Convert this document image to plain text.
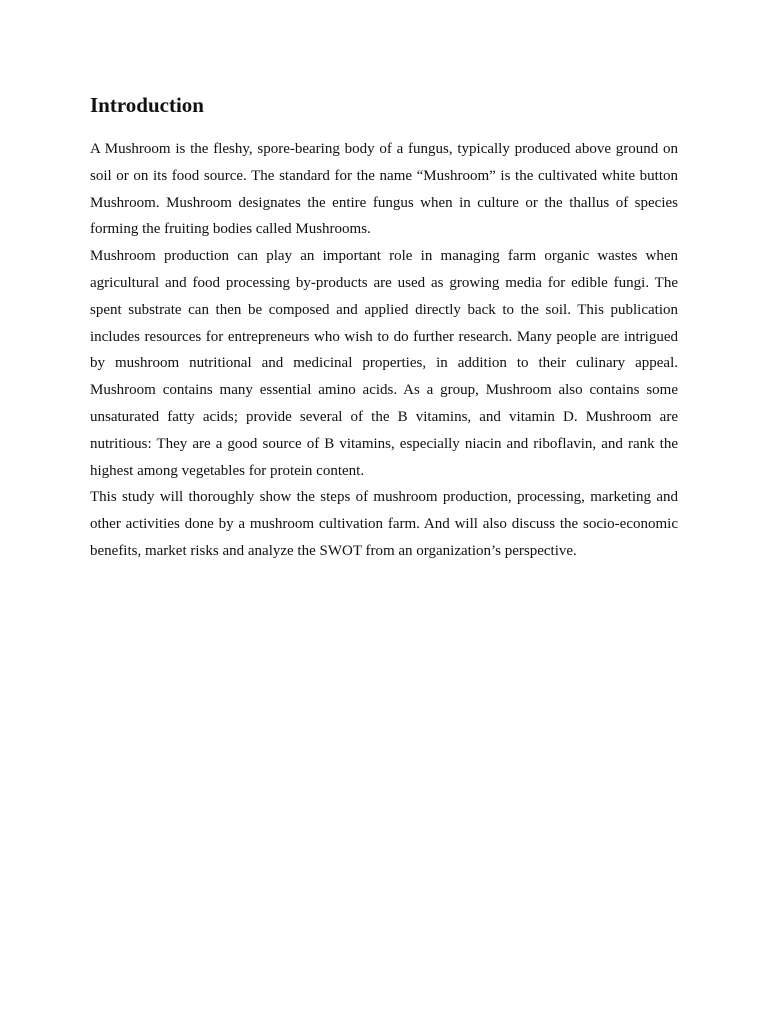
Introduction

A Mushroom is the fleshy, spore-bearing body of a fungus, typically produced above ground on soil or on its food source. The standard for the name “Mushroom” is the cultivated white button Mushroom. Mushroom designates the entire fungus when in culture or the thallus of species forming the fruiting bodies called Mushrooms.

Mushroom production can play an important role in managing farm organic wastes when agricultural and food processing by-products are used as growing media for edible fungi. The spent substrate can then be composed and applied directly back to the soil. This publication includes resources for entrepreneurs who wish to do further research. Many people are intrigued by mushroom nutritional and medicinal properties, in addition to their culinary appeal. Mushroom contains many essential amino acids. As a group, Mushroom also contains some unsaturated fatty acids; provide several of the B vitamins, and vitamin D. Mushroom are nutritious: They are a good source of B vitamins, especially niacin and riboflavin, and rank the highest among vegetables for protein content.

This study will thoroughly show the steps of mushroom production, processing, marketing and other activities done by a mushroom cultivation farm. And will also discuss the socio-economic benefits, market risks and analyze the SWOT from an organization’s perspective.
